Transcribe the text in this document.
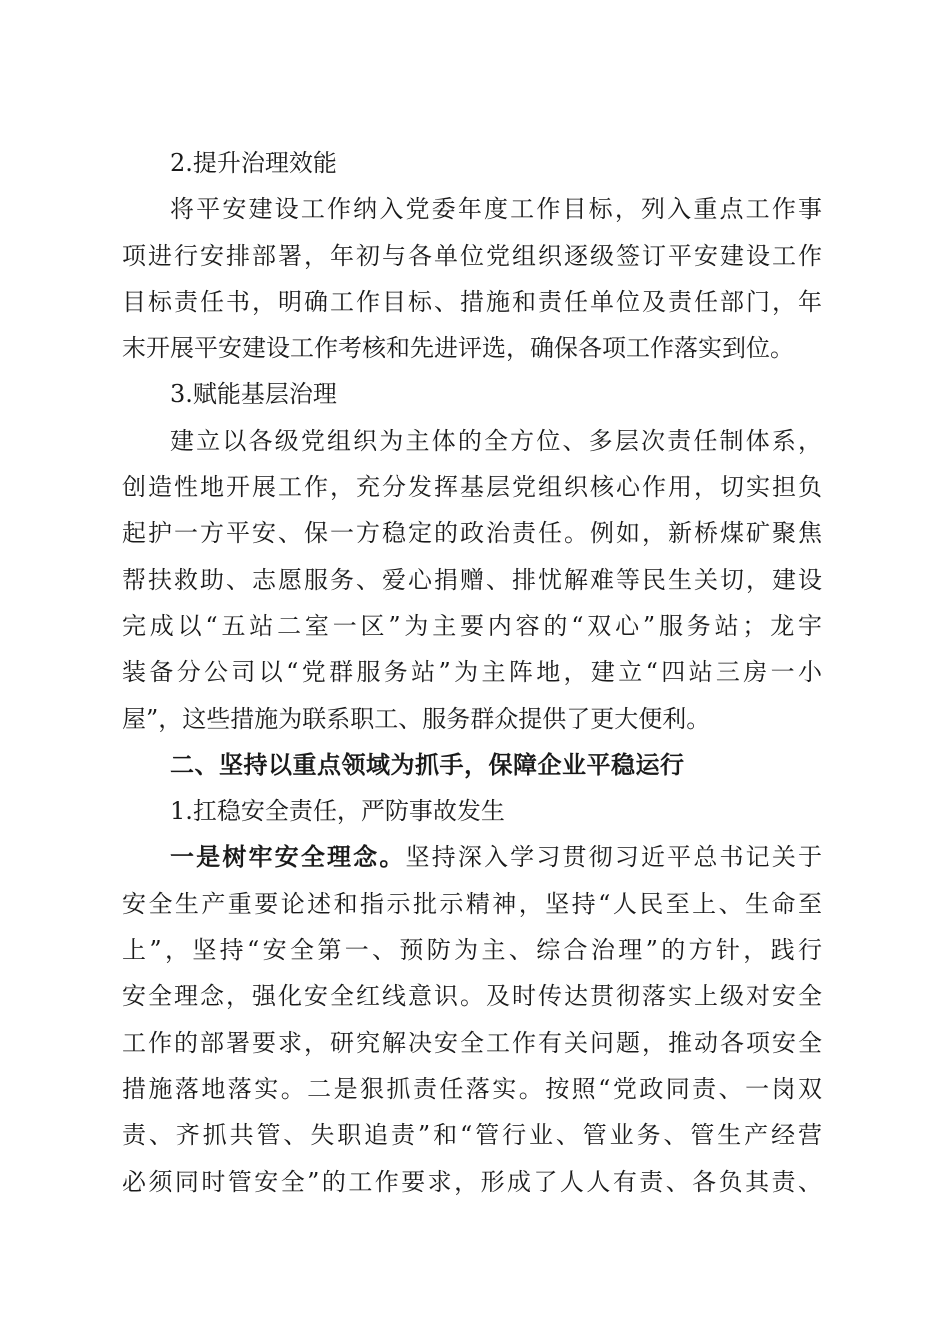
2.提升治理效能
将平安建设工作纳入党委年度工作目标，列入重点工作事
项进行安排部署，年初与各单位党组织逐级签订平安建设工作
目标责任书，明确工作目标、措施和责任单位及责任部门，年
末开展平安建设工作考核和先进评选，确保各项工作落实到位。
3.赋能基层治理
建立以各级党组织为主体的全方位、多层次责任制体系，
创造性地开展工作，充分发挥基层党组织核心作用，切实担负
起护一方平安、保一方稳定的政治责任。例如，新桥煤矿聚焦
帮扶救助、志愿服务、爱心捐赠、排忧解难等民生关切，建设
完成以“五站二室一区”为主要内容的“双心”服务站；龙宇
装备分公司以“党群服务站”为主阵地，建立“四站三房一小
屋”，这些措施为联系职工、服务群众提供了更大便利。
二、坚持以重点领域为抓手，保障企业平稳运行
1.扛稳安全责任，严防事故发生
一是树牢安全理念。坚持深入学习贯彻习近平总书记关于
安全生产重要论述和指示批示精神，坚持“人民至上、生命至
上”，坚持“安全第一、预防为主、综合治理”的方针，践行
安全理念，强化安全红线意识。及时传达贯彻落实上级对安全
工作的部署要求，研究解决安全工作有关问题，推动各项安全
措施落地落实。二是狠抓责任落实。按照“党政同责、一岗双
责、齐抓共管、失职追责”和“管行业、管业务、管生产经营
必须同时管安全”的工作要求，形成了人人有责、各负其责、
